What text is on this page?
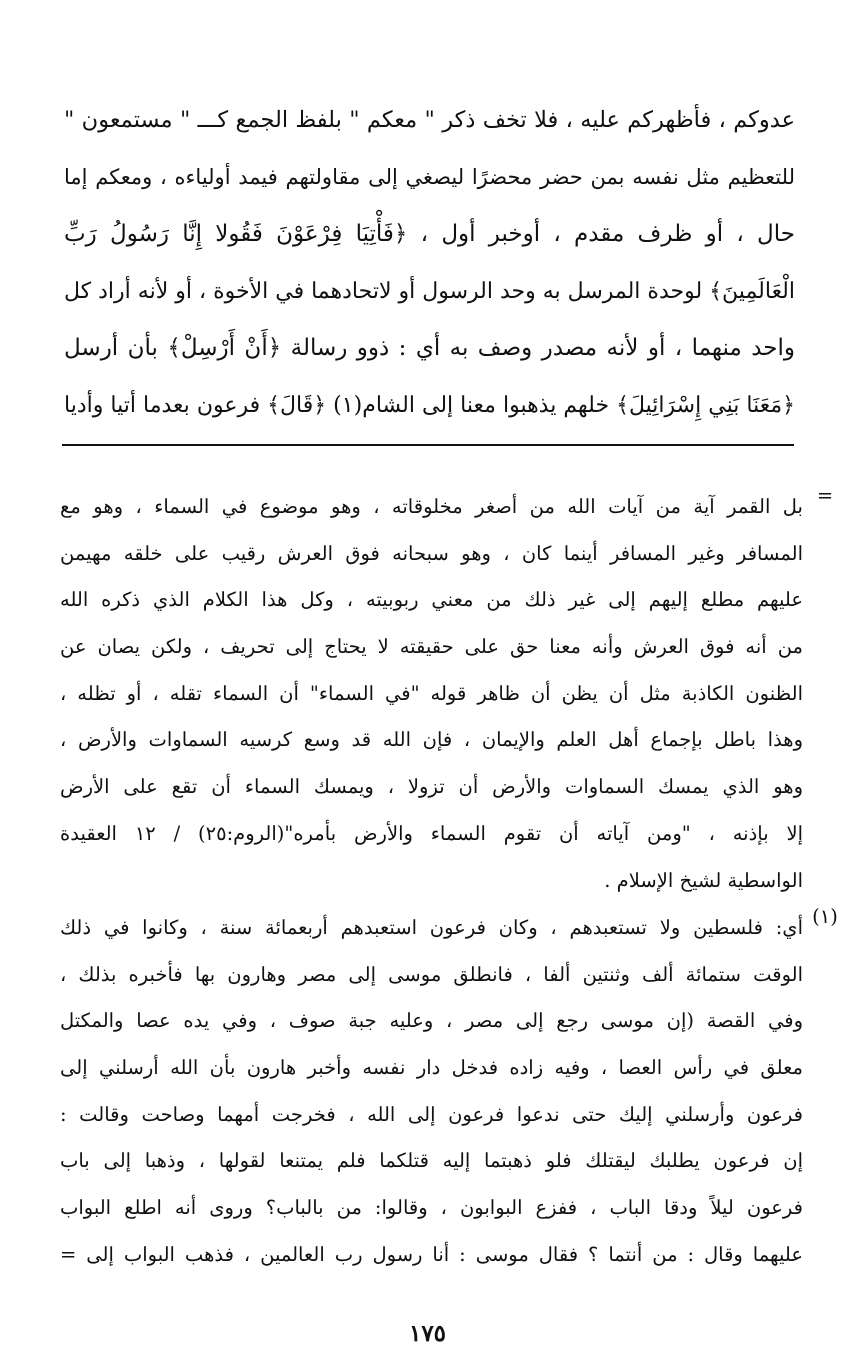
عدوكم ، فأظهركم عليه ، فلا تخف ذكر " معكم " بلفظ الجمع كـــ " مستمعون "
للتعظيم مثل نفسه بمن حضر محضرًا ليصغي إلى مقاولتهم فيمد أولياءه ، ومعكم إما
حال ، أو ظرف مقدم ، أوخبر أول ، ﴿فَأْتِيَا فِرْعَوْنَ فَقُولا إِنَّا رَسُولُ رَبِّ
الْعَالَمِينَ﴾ لوحدة المرسل به وحد الرسول أو لاتحادهما في الأخوة ، أو لأنه أراد كل
واحد منهما ، أو لأنه مصدر وصف به أي : ذوو رسالة ﴿أَنْ أَرْسِلْ﴾ بأن أرسل
﴿مَعَنَا بَنِي إِسْرَائِيلَ﴾ خلهم يذهبوا معنا إلى الشام(١) ﴿قَالَ﴾ فرعون بعدما أتيا وأديا
=
بل القمر آية من آيات الله من أصغر مخلوقاته ، وهو موضوع في السماء ، وهو مع
المسافر وغير المسافر أينما كان ، وهو سبحانه فوق العرش رقيب على خلقه مهيمن
عليهم مطلع إليهم إلى غير ذلك من معني ربوبيته ، وكل هذا الكلام الذي ذكره الله
من أنه فوق العرش وأنه معنا حق على حقيقته لا يحتاج إلى تحريف ، ولكن يصان عن
الظنون الكاذبة مثل أن يظن أن ظاهر قوله "في السماء" أن السماء تقله ، أو تظله ،
وهذا باطل بإجماع أهل العلم والإيمان ، فإن الله قد وسع كرسيه السماوات والأرض ،
وهو الذي يمسك السماوات والأرض أن تزولا ، ويمسك السماء أن تقع على الأرض
إلا بإذنه ، "ومن آياته أن تقوم السماء والأرض بأمره"(الروم:٢٥) / ١٢ العقيدة
الواسطية لشيخ الإسلام .
(١)
أي: فلسطين ولا تستعبدهم ، وكان فرعون استعبدهم أربعمائة سنة ، وكانوا في ذلك
الوقت ستمائة ألف وثنتين ألفا ، فانطلق موسى إلى مصر وهارون بها فأخبره بذلك ،
وفي القصة (إن موسى رجع إلى مصر ، وعليه جبة صوف ، وفي يده عصا والمكتل
معلق في رأس العصا ، وفيه زاده فدخل دار نفسه وأخبر هارون بأن الله أرسلني إلى
فرعون وأرسلني إليك حتى ندعوا فرعون إلى الله ، فخرجت أمهما وصاحت وقالت :
إن فرعون يطلبك ليقتلك فلو ذهبتما إليه قتلكما فلم يمتنعا لقولها ، وذهبا إلى باب
فرعون ليلاً ودقا الباب ، ففزع البوابون ، وقالوا: من بالباب؟ وروى أنه اطلع البواب
عليهما وقال : من أنتما ؟ فقال موسى : أنا رسول رب العالمين ، فذهب البواب إلى =
١٧٥
